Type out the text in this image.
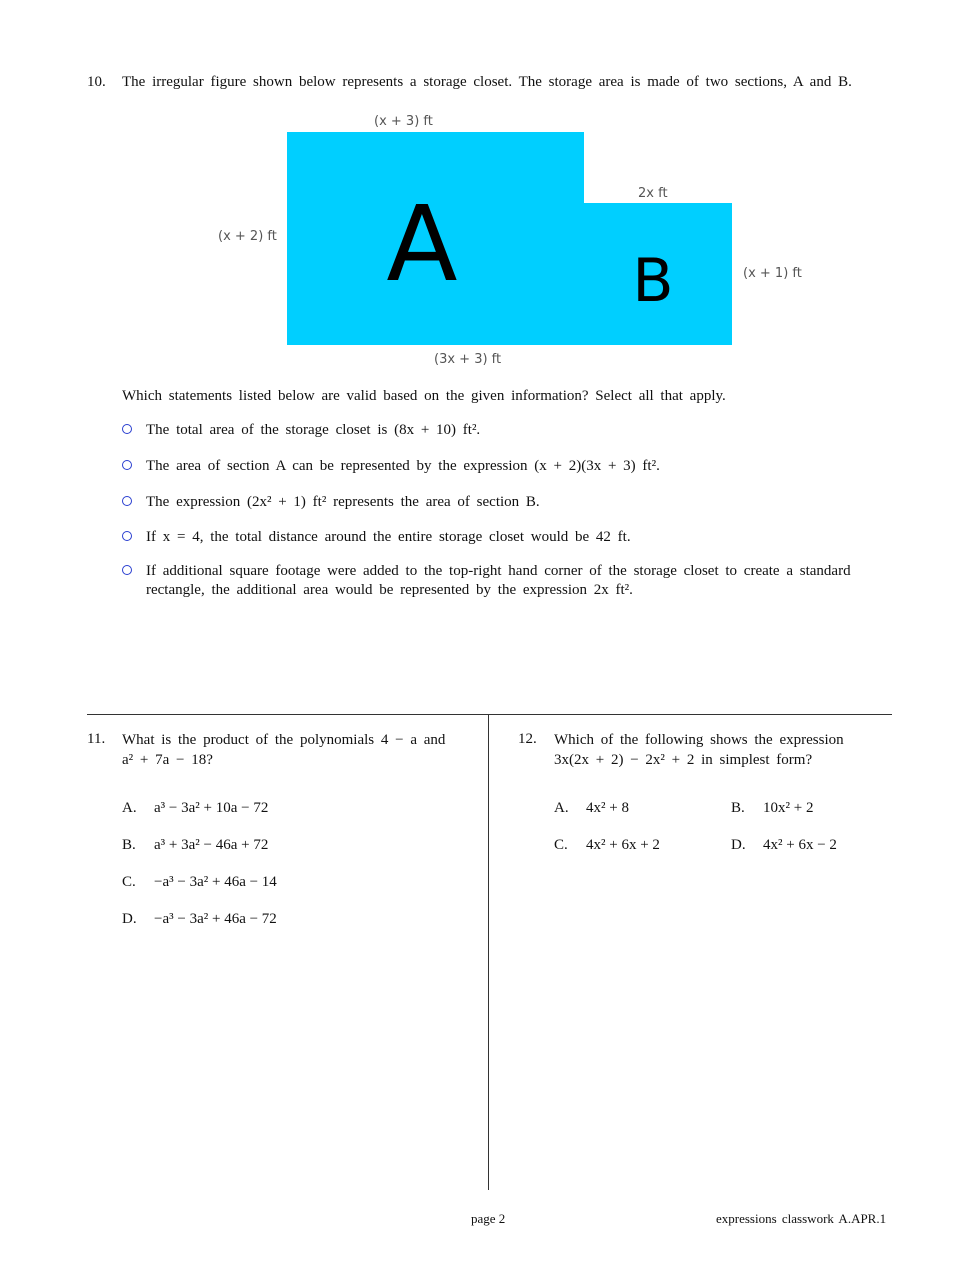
10. The irregular figure shown below represents a storage closet. The storage area is made of two sections, A and B.
A	B
(x + 3) ft
2x ft
(x + 2) ft
(x + 1) ft
(3x + 3) ft
Which statements listed below are valid based on the given information? Select all that apply.
The total area of the storage closet is (8x + 10) ft².
The area of section A can be represented by the expression (x + 2)(3x + 3) ft².
The expression (2x² + 1) ft² represents the area of section B.
If x = 4, the total distance around the entire storage closet would be 42 ft.
If additional square footage were added to the top-right hand corner of the storage closet to create a standard rectangle, the additional area would be represented by the expression 2x ft².
11. What is the product of the polynomials 4 − a and a² + 7a − 18?
A. a³ − 3a² + 10a − 72
B. a³ + 3a² − 46a + 72
C. −a³ − 3a² + 46a − 14
D. −a³ − 3a² + 46a − 72
12. Which of the following shows the expression 3x(2x + 2) − 2x² + 2 in simplest form?
A. 4x² + 8	B. 10x² + 2
C. 4x² + 6x + 2	D. 4x² + 6x − 2
page 2	expressions classwork A.APR.1
